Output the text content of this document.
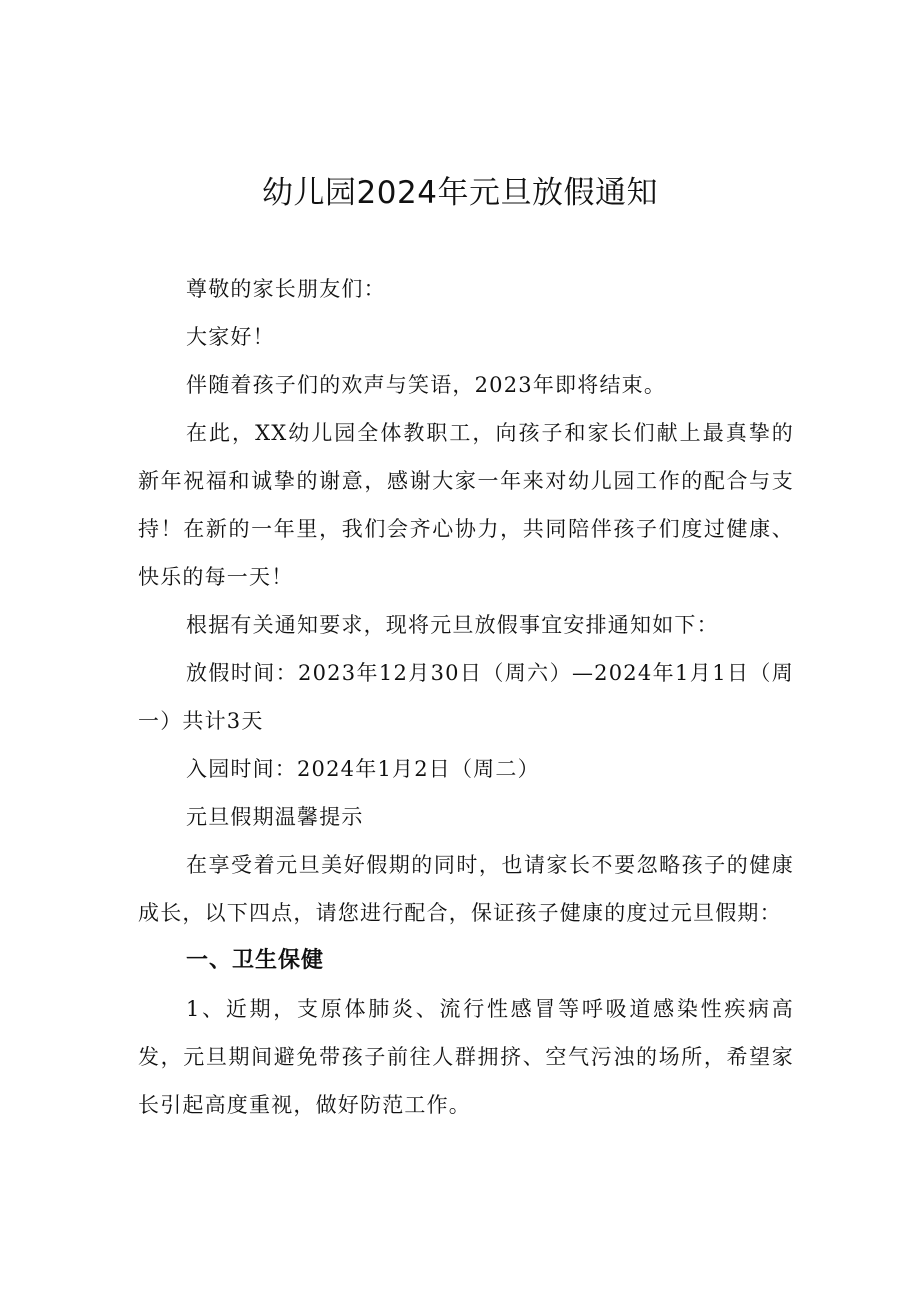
幼儿园2024年元旦放假通知

尊敬的家长朋友们：

大家好！

伴随着孩子们的欢声与笑语，2023年即将结束。

在此，XX幼儿园全体教职工，向孩子和家长们献上最真挚的新年祝福和诚挚的谢意，感谢大家一年来对幼儿园工作的配合与支持！在新的一年里，我们会齐心协力，共同陪伴孩子们度过健康、快乐的每一天！

根据有关通知要求，现将元旦放假事宜安排通知如下：

放假时间：2023年12月30日（周六）—2024年1月1日（周一）共计3天

入园时间：2024年1月2日（周二）

元旦假期温馨提示

在享受着元旦美好假期的同时，也请家长不要忽略孩子的健康成长，以下四点，请您进行配合，保证孩子健康的度过元旦假期：

一、卫生保健

1、近期，支原体肺炎、流行性感冒等呼吸道感染性疾病高发，元旦期间避免带孩子前往人群拥挤、空气污浊的场所，希望家长引起高度重视，做好防范工作。
